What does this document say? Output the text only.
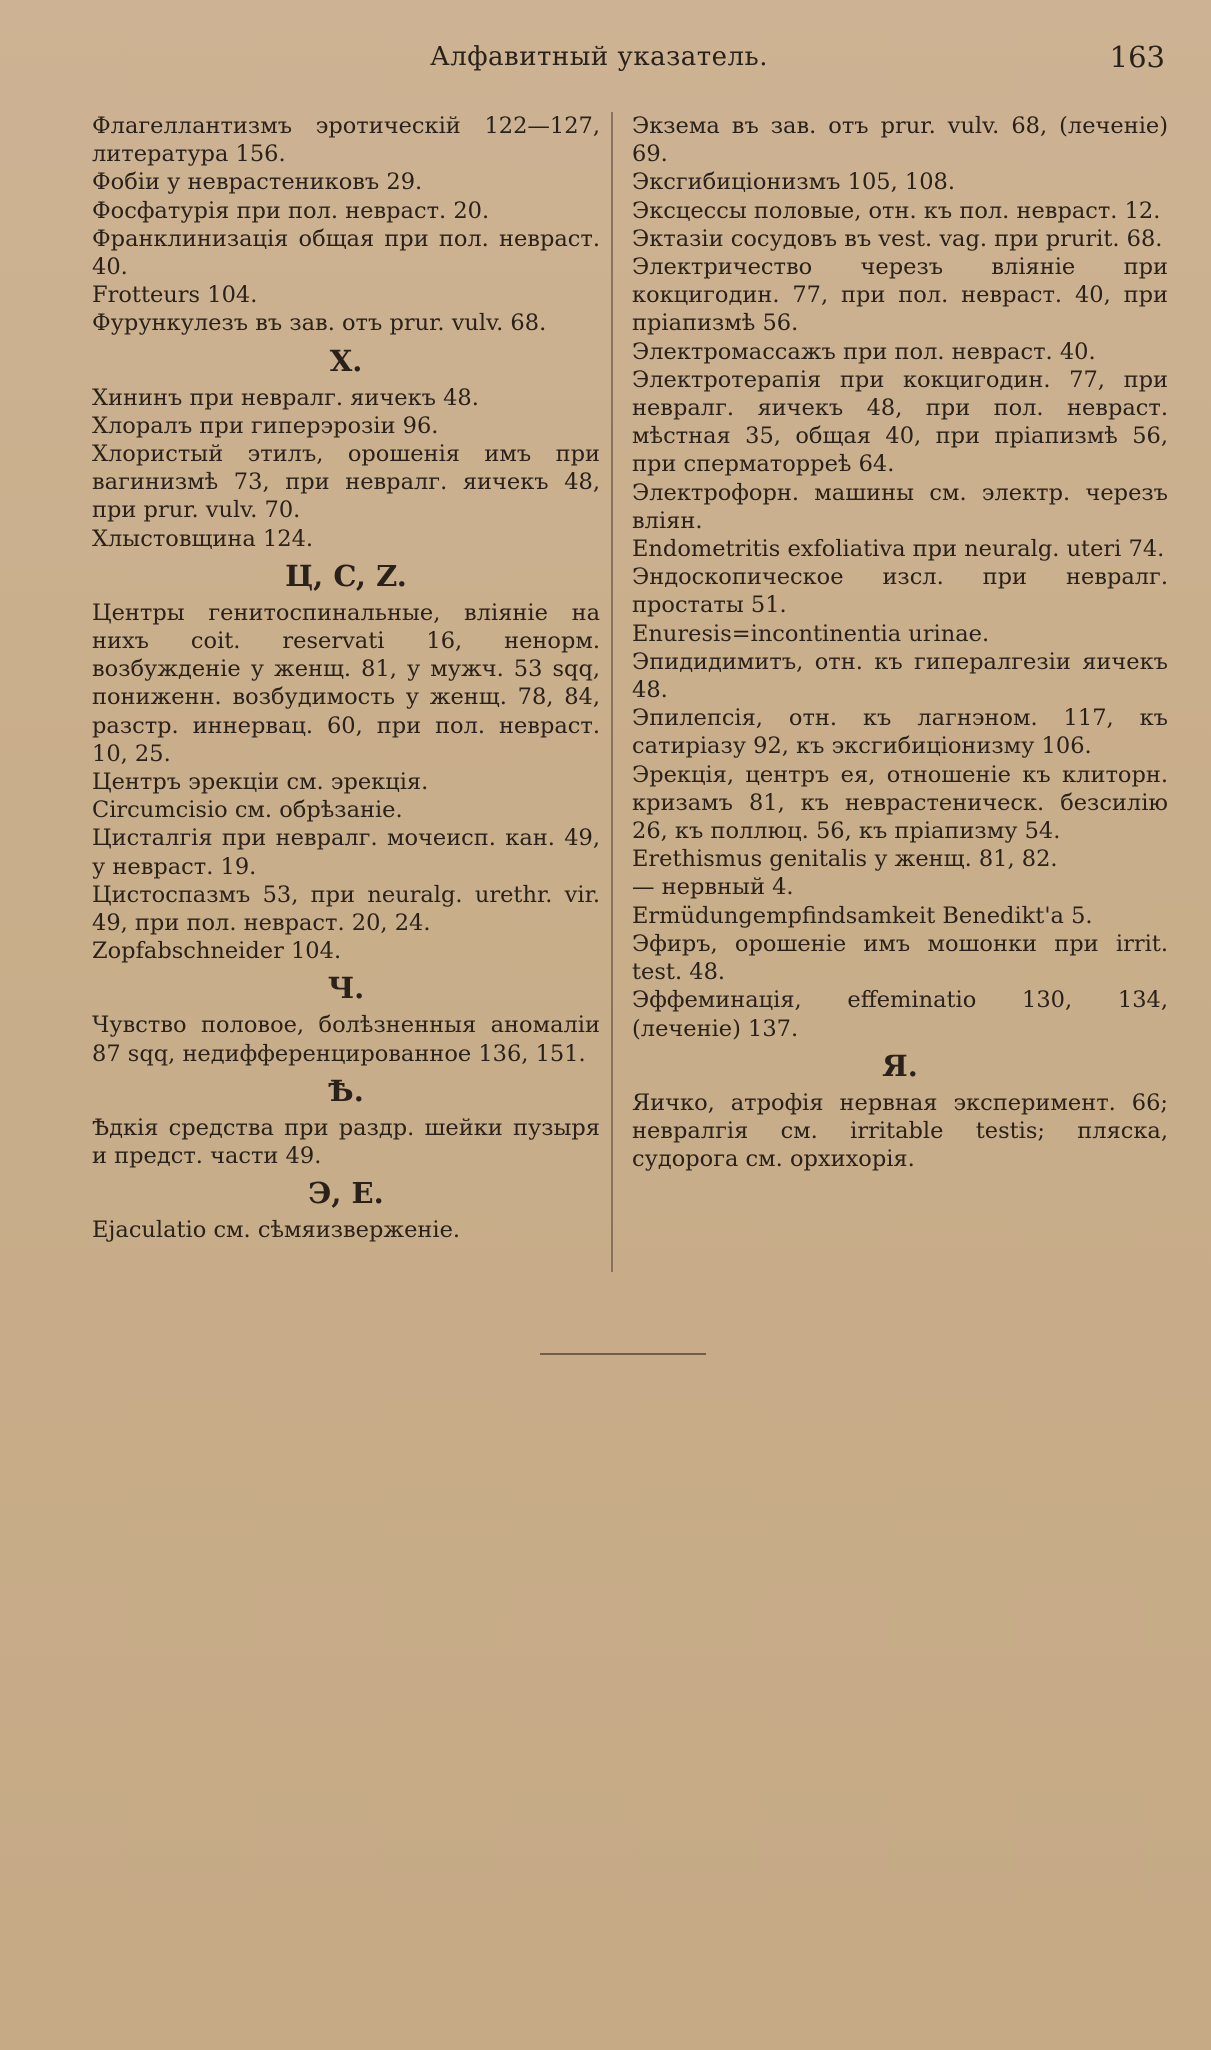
Алфавитный указатель.	163

Флагеллантизмъ эротическій 122—127, литература 156.

Фобіи у неврастениковъ 29.

Фосфатурія при пол. неврaст. 20.

Франклинизація общая при пол. невраст. 40.

Frotteurs 104.

Фурункулезъ въ зав. отъ prur. vulv. 68.

Х.

Хининъ при невралг. яичекъ 48.

Хлоралъ при гиперэрозіи 96.

Хлористый этилъ, орошенія имъ при вагинизмѣ 73, при невралг. яичекъ 48, при prur. vulv. 70.

Хлыстовщина 124.

Ц, C, Z.

Центры генитоспинальные, вліяніе на нихъ coit. reservati 16, ненорм. возбужденіе у женщ. 81, у мужч. 53 sqq, пониженн. возбудимость у женщ. 78, 84, разстр. иннервац. 60, при пол. невраст. 10, 25.

Центръ эрекціи см. эрекція.

Circumcisio см. обрѣзаніе.

Цисталгія при невралг. мочеисп. кан. 49, у невраст. 19.

Цистоспазмъ 53, при neuralg. urethr. vir. 49, при пол. невраст. 20, 24.

Zopfabschneider 104.

Ч.

Чувство половое, болѣзненныя аномаліи 87 sqq, недифференцированное 136, 151.

Ѣ.

Ѣдкія средства при раздр. шейки пузыря и предст. части 49.

Э, Е.

Ejaculatio см. сѣмяизверженіе.

Экзема въ зав. отъ prur. vulv. 68, (леченіе) 69.

Эксгибиціонизмъ 105, 108.

Эксцессы половые, отн. къ пол. невраст. 12.

Эктазіи сосудовъ въ vest. vag. при prurit. 68.

Электричество черезъ вліяніе при кокцигодин. 77, при пол. невраст. 40, при пріапизмѣ 56.

Электромассажъ при пол. невраст. 40.

Электротерапія при кокцигодин. 77, при невралг. яичекъ 48, при пол. невраст. мѣстная 35, общая 40, при пріапизмѣ 56, при сперматорреѣ 64.

Электрофорн. машины см. электр. черезъ вліян.

Endometritis exfoliativa при neuralg. uteri 74.

Эндоскопическое изсл. при невралг. простаты 51.

Enuresis=incontinentia urinae.

Эпидидимитъ, отн. къ гипералгезіи яичекъ 48.

Эпилепсія, отн. къ лагнэном. 117, къ сатиріазу 92, къ эксгибиціонизму 106.

Эрекція, центръ ея, отношеніе къ клиторн. кризамъ 81, къ неврастеническ. безсилію 26, къ поллюц. 56, къ пріапизму 54.

Erethismus genitalis у женщ. 81, 82.

— нервный 4.

Ermüdungempfindsamkeit Benedikt'a 5.

Эфиръ, орошеніе имъ мошонки при irrit. test. 48.

Эффеминація, effeminatio 130, 134, (леченіе) 137.

Я.

Яичко, атрофія нервная эксперимент. 66; невралгія см. irritable testis; пляска, судорога см. орхихорія.
